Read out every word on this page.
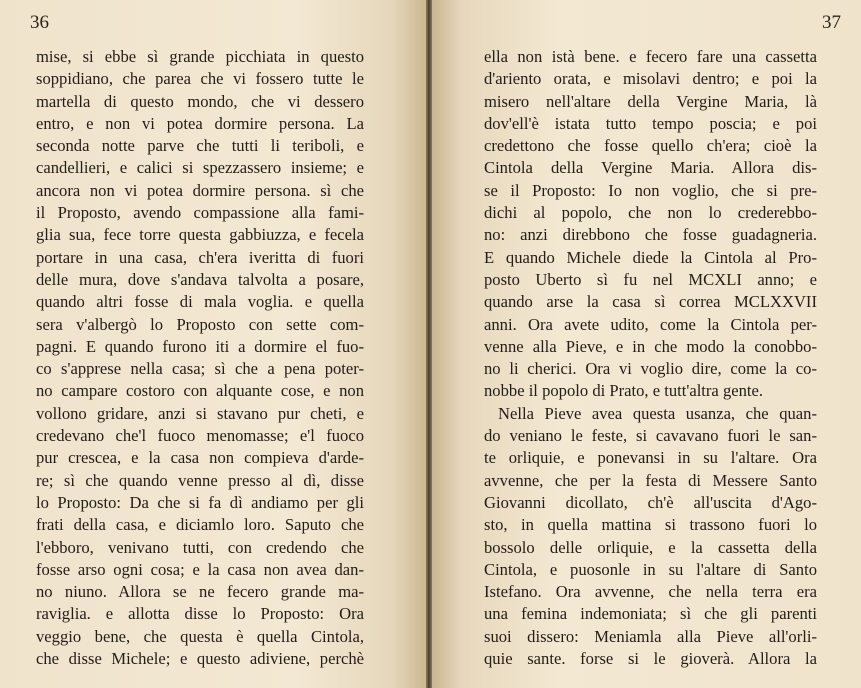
36
mise, si ebbe sì grande picchiata in questo
soppidiano, che parea che vi fossero tutte le
martella di questo mondo, che vi dessero
entro, e non vi potea dormire persona. La
seconda notte parve che tutti li teriboli, e
candellieri, e calici si spezzassero insieme; e
ancora non vi potea dormire persona. sì che
il Proposto, avendo compassione alla fami-
glia sua, fece torre questa gabbiuzza, e fecela
portare in una casa, ch'era iveritta di fuori
delle mura, dove s'andava talvolta a posare,
quando altri fosse di mala voglia. e quella
sera v'albergò lo Proposto con sette com-
pagni. E quando furono iti a dormire el fuo-
co s'apprese nella casa; sì che a pena poter-
no campare costoro con alquante cose, e non
vollono gridare, anzi si stavano pur cheti, e
credevano che'l fuoco menomasse; e'l fuoco
pur crescea, e la casa non compieva d'arde-
re; sì che quando venne presso al dì, disse
lo Proposto: Da che si fa dì andiamo per gli
frati della casa, e diciamlo loro. Saputo che
l'ebboro, venivano tutti, con credendo che
fosse arso ogni cosa; e la casa non avea dan-
no niuno. Allora se ne fecero grande ma-
raviglia. e allotta disse lo Proposto: Ora
veggio bene, che questa è quella Cintola,
che disse Michele; e questo adiviene, perchè
37
ella non istà bene. e fecero fare una cassetta
d'ariento orata, e misolavi dentro; e poi la
misero nell'altare della Vergine Maria, là
dov'ell'è istata tutto tempo poscia; e poi
credettono che fosse quello ch'era; cioè la
Cintola della Vergine Maria. Allora dis-
se il Proposto: Io non voglio, che si pre-
dichi al popolo, che non lo crederebbo-
no: anzi direbbono che fosse guadagneria.
E quando Michele diede la Cintola al Pro-
posto Uberto sì fu nel MCXLI anno; e
quando arse la casa sì correa MCLXXVII
anni. Ora avete udito, come la Cintola per-
venne alla Pieve, e in che modo la conobbo-
no li cherici. Ora vi voglio dire, come la co-
nobbe il popolo di Prato, e tutt'altra gente.
Nella Pieve avea questa usanza, che quan-
do veniano le feste, si cavavano fuori le san-
te orliquie, e ponevansi in su l'altare. Ora
avvenne, che per la festa di Messere Santo
Giovanni dicollato, ch'è all'uscita d'Ago-
sto, in quella mattina si trassono fuori lo
bossolo delle orliquie, e la cassetta della
Cintola, e puosonle in su l'altare di Santo
Istefano. Ora avvenne, che nella terra era
una femina indemoniata; sì che gli parenti
suoi dissero: Meniamla alla Pieve all'orli-
quie sante. forse si le gioverà. Allora la
